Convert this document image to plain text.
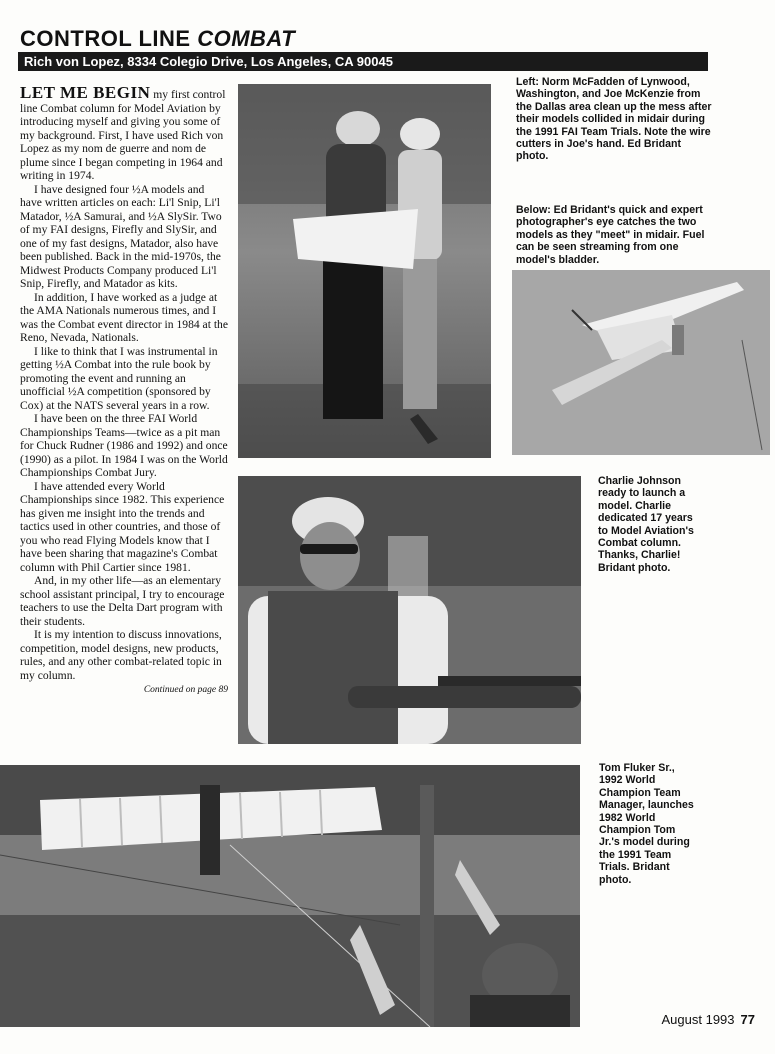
CONTROL LINE COMBAT
Rich von Lopez, 8334 Colegio Drive, Los Angeles, CA 90045

LET ME BEGIN my first control line Combat column for Model Aviation by introducing myself and giving you some of my background. First, I have used Rich von Lopez as my nom de guerre and nom de plume since I began competing in 1964 and writing in 1974.

I have designed four ½A models and have written articles on each: Li'l Snip, Li'l Matador, ½A Samurai, and ½A SlySir. Two of my FAI designs, Firefly and SlySir, and one of my fast designs, Matador, also have been published. Back in the mid-1970s, the Midwest Products Company produced Li'l Snip, Firefly, and Matador as kits.

In addition, I have worked as a judge at the AMA Nationals numerous times, and I was the Combat event director in 1984 at the Reno, Nevada, Nationals.

I like to think that I was instrumental in getting ½A Combat into the rule book by promoting the event and running an unofficial ½A competition (sponsored by Cox) at the NATS several years in a row.

I have been on the three FAI World Championships Teams—twice as a pit man for Chuck Rudner (1986 and 1992) and once (1990) as a pilot. In 1984 I was on the World Championships Combat Jury.

I have attended every World Championships since 1982. This experience has given me insight into the trends and tactics used in other countries, and those of you who read Flying Models know that I have been sharing that magazine's Combat column with Phil Cartier since 1981.

And, in my other life—as an elementary school assistant principal, I try to encourage teachers to use the Delta Dart program with their students.

It is my intention to discuss innovations, competition, model designs, new products, rules, and any other combat-related topic in my column.

Continued on page 89
Left: Norm McFadden of Lynwood, Washington, and Joe McKenzie from the Dallas area clean up the mess after their models collided in midair during the 1991 FAI Team Trials. Note the wire cutters in Joe's hand. Ed Bridant photo.
Below: Ed Bridant's quick and expert photographer's eye catches the two models as they "meet" in midair. Fuel can be seen streaming from one model's bladder.
Charlie Johnson ready to launch a model. Charlie dedicated 17 years to Model Aviation's Combat column. Thanks, Charlie! Bridant photo.
Tom Fluker Sr., 1992 World Champion Team Manager, launches 1982 World Champion Tom Jr.'s model during the 1991 Team Trials. Bridant photo.
August 1993 77
